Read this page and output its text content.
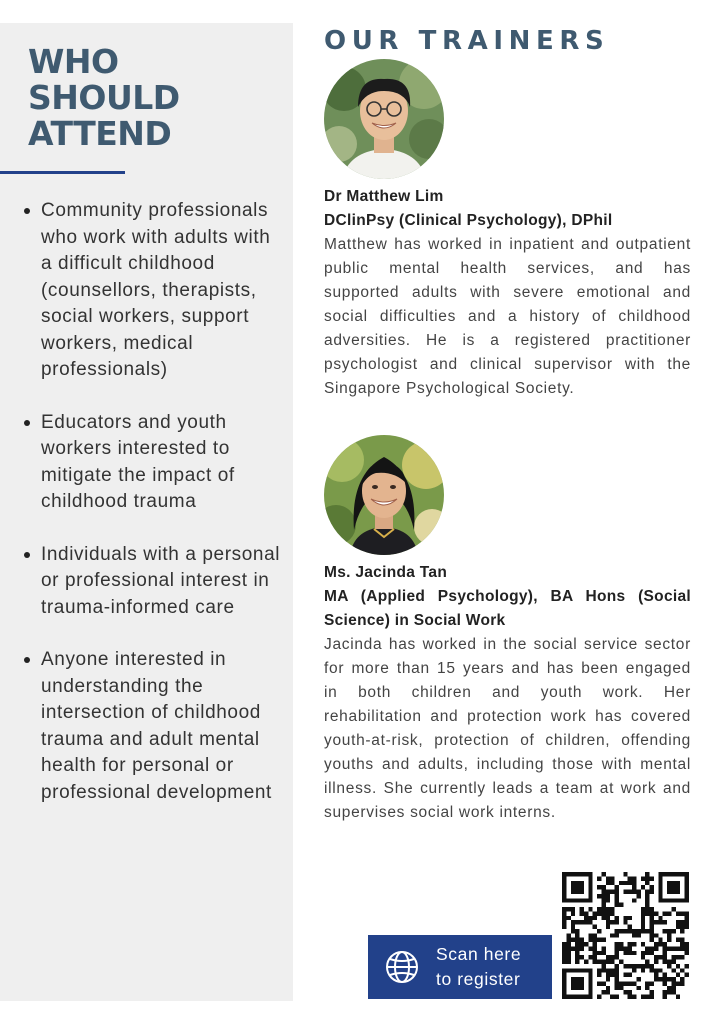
WHO
SHOULD
ATTEND
Community professionals who work with adults with a difficult childhood (counsellors, therapists, social workers, support workers, medical professionals)
Educators and youth workers interested to mitigate the impact of childhood trauma
Individuals with a personal or professional interest in trauma-informed care
Anyone interested in understanding the intersection of childhood trauma and adult mental health for personal or professional development
OUR TRAINERS
Dr Matthew Lim
DClinPsy (Clinical Psychology), DPhil
Matthew has worked in inpatient and outpatient public mental health services, and has supported adults with severe emotional and social difficulties and a history of childhood adversities. He is a registered practitioner psychologist and clinical supervisor with the Singapore Psychological Society.
Ms. Jacinda Tan
MA (Applied Psychology), BA Hons (Social Science) in Social Work
Jacinda has worked in the social service sector for more than 15 years and has been engaged in both children and youth work. Her rehabilitation and protection work has covered youth-at-risk, protection of children, offending youths and adults, including those with mental illness. She currently leads a team at work and supervises social work interns.
Scan here
to register
